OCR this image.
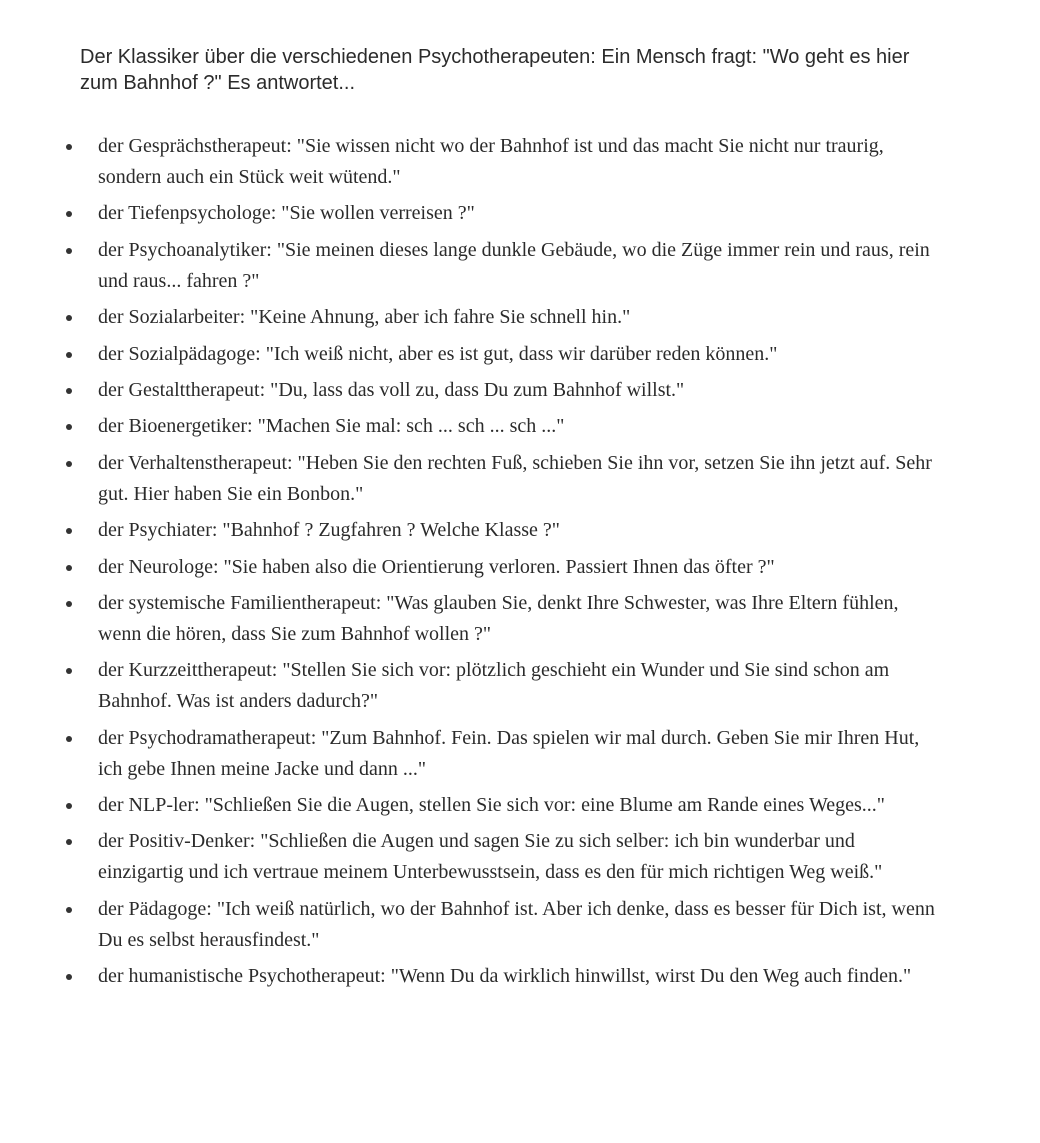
Der Klassiker über die verschiedenen Psychotherapeuten: Ein Mensch fragt: "Wo geht es hier zum Bahnhof ?" Es antwortet...

der Gesprächstherapeut: "Sie wissen nicht wo der Bahnhof ist und das macht Sie nicht nur traurig, sondern auch ein Stück weit wütend."
der Tiefenpsychologe: "Sie wollen verreisen ?"
der Psychoanalytiker: "Sie meinen dieses lange dunkle Gebäude, wo die Züge immer rein und raus, rein und raus... fahren ?"
der Sozialarbeiter: "Keine Ahnung, aber ich fahre Sie schnell hin."
der Sozialpädagoge: "Ich weiß nicht, aber es ist gut, dass wir darüber reden können."
der Gestalttherapeut: "Du, lass das voll zu, dass Du zum Bahnhof willst."
der Bioenergetiker: "Machen Sie mal: sch ... sch ... sch ..."
der Verhaltenstherapeut: "Heben Sie den rechten Fuß, schieben Sie ihn vor, setzen Sie ihn jetzt auf. Sehr gut. Hier haben Sie ein Bonbon."
der Psychiater: "Bahnhof ? Zugfahren ? Welche Klasse ?"
der Neurologe: "Sie haben also die Orientierung verloren. Passiert Ihnen das öfter ?"
der systemische Familientherapeut: "Was glauben Sie, denkt Ihre Schwester, was Ihre Eltern fühlen, wenn die hören, dass Sie zum Bahnhof wollen ?"
der Kurzzeittherapeut: "Stellen Sie sich vor: plötzlich geschieht ein Wunder und Sie sind schon am Bahnhof. Was ist anders dadurch?"
der Psychodramatherapeut: "Zum Bahnhof. Fein. Das spielen wir mal durch. Geben Sie mir Ihren Hut, ich gebe Ihnen meine Jacke und dann ..."
der NLP-ler: "Schließen Sie die Augen, stellen Sie sich vor: eine Blume am Rande eines Weges..."
der Positiv-Denker: "Schließen die Augen und sagen Sie zu sich selber: ich bin wunderbar und einzigartig und ich vertraue meinem Unterbewusstsein, dass es den für mich richtigen Weg weiß."
der Pädagoge: "Ich weiß natürlich, wo der Bahnhof ist. Aber ich denke, dass es besser für Dich ist, wenn Du es selbst herausfindest."
der humanistische Psychotherapeut: "Wenn Du da wirklich hinwillst, wirst Du den Weg auch finden."
